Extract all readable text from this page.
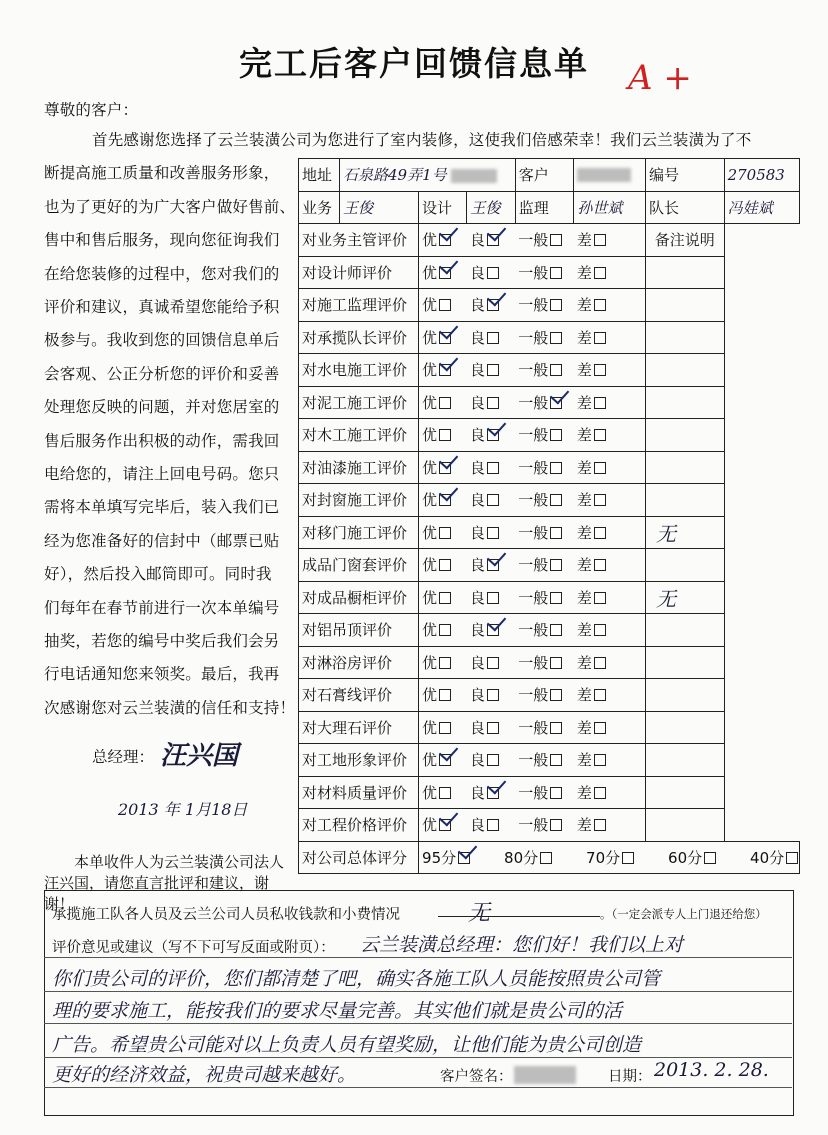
完工后客户回馈信息单	A +
尊敬的客户：
首先感谢您选择了云兰装潢公司为您进行了室内装修，这使我们倍感荣幸！我们云兰装潢为了不
断提高施工质量和改善服务形象，
也为了更好的为广大客户做好售前、
售中和售后服务，现向您征询我们
在给您装修的过程中，您对我们的
评价和建议，真诚希望您能给予积
极参与。我收到您的回馈信息单后
会客观、公正分析您的评价和妥善
处理您反映的问题，并对您居室的
售后服务作出积极的动作，需我回
电给您的，请注上回电号码。您只
需将本单填写完毕后，装入我们已
经为您准备好的信封中（邮票已贴
好），然后投入邮筒即可。同时我
们每年在春节前进行一次本单编号
抽奖，若您的编号中奖后我们会另
行电话通知您来领奖。最后，我再
次感谢您对云兰装潢的信任和支持！
总经理： 汪兴国
2013 年 1月18日
本单收件人为云兰装潢公司法人汪兴国，请您直言批评和建议，谢谢！
地址	石泉路49弄1号			客户		编号	270583
业务	王俊	设计	王俊	监理	孙世斌	队长	冯娃斌
对业务主管评价		优	良	一般	差	备注说明	
对设计师评价		优	良	一般	差		
对施工监理评价		优	良	一般	差		
对承揽队长评价		优	良	一般	差		
对水电施工评价		优	良	一般	差		
对泥工施工评价		优	良	一般	差		
对木工施工评价		优	良	一般	差		
对油漆施工评价		优	良	一般	差		
对封窗施工评价		优	良	一般	差		
对移门施工评价		优	良	一般	差	无	
成品门窗套评价		优	良	一般	差		
对成品橱柜评价		优	良	一般	差	无	
对铝吊顶评价		优	良	一般	差		
对淋浴房评价		优	良	一般	差		
对石膏线评价		优	良	一般	差		
对大理石评价		优	良	一般	差		
对工地形象评价		优	良	一般	差		
对材料质量评价		优	良	一般	差		
对工程价格评价		优	良	一般	差		
对公司总体评分		95分 80分 70分 60分 40分					
承揽施工队各人员及云兰公司人员私收钱款和小费情况	无	。（一定会派专人上门退还给您）
评价意见或建议（写不下可写反面或附页）： 云兰装潢总经理：您们好！我们以上对
你们贵公司的评价，您们都清楚了吧，确实各施工队人员能按照贵公司管
理的要求施工，能按我们的要求尽量完善。其实他们就是贵公司的活
广告。希望贵公司能对以上负责人员有望奖励，让他们能为贵公司创造
更好的经济效益，祝贵司越来越好。	客户签名：	日期： 2013. 2. 28.
